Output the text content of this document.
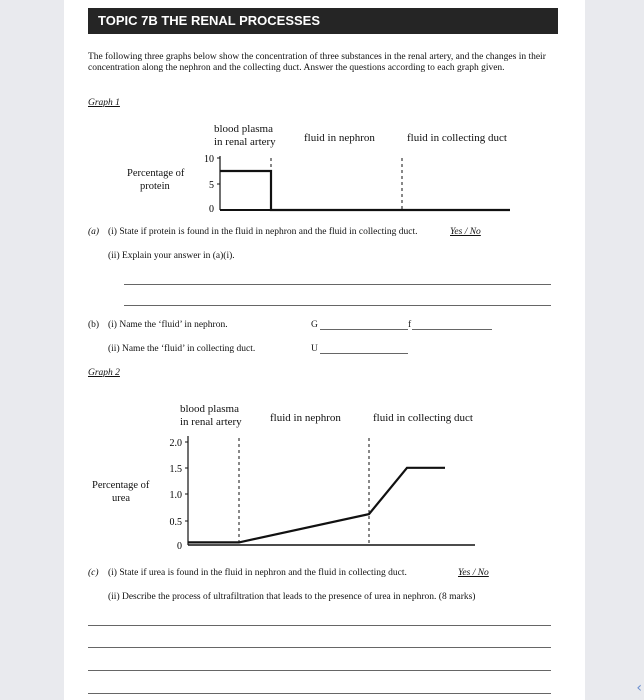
TOPIC 7B THE RENAL PROCESSES
The following three graphs below show the concentration of three substances in the renal artery, and the changes in their concentration along the nephron and the collecting duct. Answer the questions according to each graph given.
Graph 1
blood plasma
in renal artery	fluid in nephron	fluid in collecting duct
Percentage of
protein
10
5
0
(a) (i) State if protein is found in the fluid in nephron and the fluid in collecting duct.	Yes / No
(ii) Explain your answer in (a)(i).
(b) (i) Name the ‘fluid’ in nephron.	G	f
(ii) Name the ‘fluid’ in collecting duct.	U
Graph 2
blood plasma
in renal artery	fluid in nephron	fluid in collecting duct
Percentage of
urea
2.0
1.5
1.0
0.5
0
(c) (i) State if urea is found in the fluid in nephron and the fluid in collecting duct.	Yes / No
(ii) Describe the process of ultrafiltration that leads to the presence of urea in nephron. (8 marks)
‹
